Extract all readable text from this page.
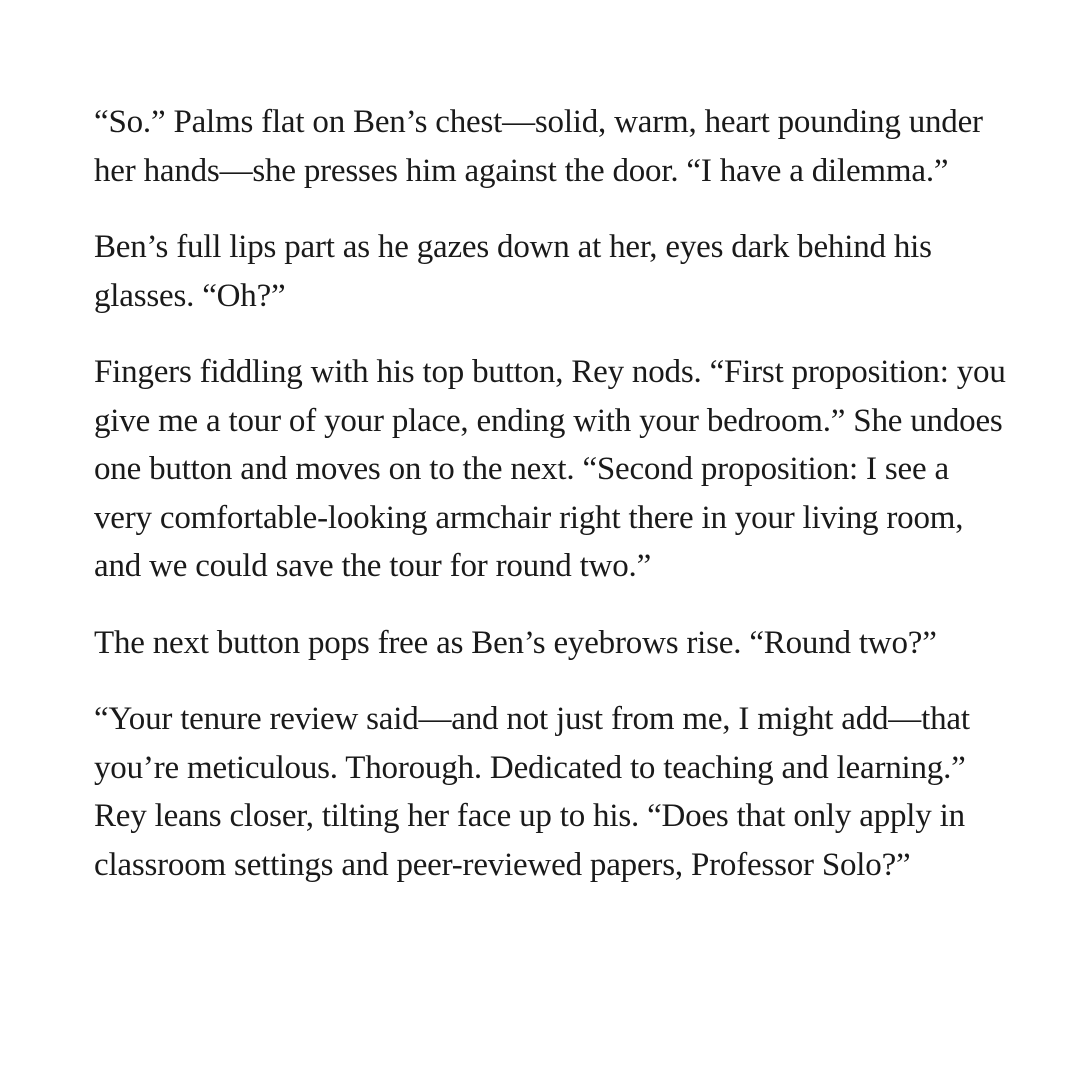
“So.” Palms flat on Ben’s chest—solid, warm, heart pounding under her hands—she presses him against the door. “I have a dilemma.”

Ben’s full lips part as he gazes down at her, eyes dark behind his glasses. “Oh?”

Fingers fiddling with his top button, Rey nods. “First proposition: you give me a tour of your place, ending with your bedroom.” She undoes one button and moves on to the next. “Second proposition: I see a very comfortable-looking armchair right there in your living room, and we could save the tour for round two.”

The next button pops free as Ben’s eyebrows rise. “Round two?”

“Your tenure review said—and not just from me, I might add—that you’re meticulous. Thorough. Dedicated to teaching and learning.” Rey leans closer, tilting her face up to his. “Does that only apply in classroom settings and peer-reviewed papers, Professor Solo?”
